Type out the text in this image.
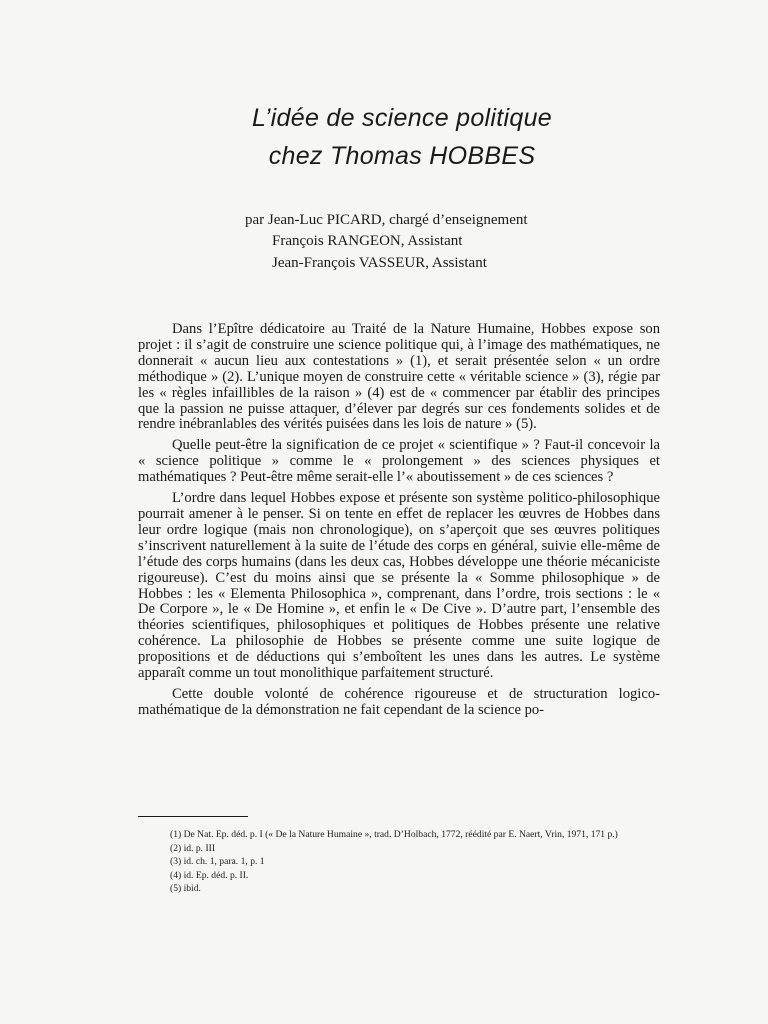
L’idée de science politique
chez Thomas HOBBES
par Jean-Luc PICARD, chargé d’enseignement
François RANGEON, Assistant
Jean-François VASSEUR, Assistant

Dans l’Epître dédicatoire au Traité de la Nature Humaine, Hobbes expose son projet : il s’agit de construire une science politique qui, à l’image des mathématiques, ne donnerait « aucun lieu aux contestations » (1), et serait présentée selon « un ordre méthodique » (2). L’unique moyen de construire cette « véritable science » (3), régie par les « règles infaillibles de la raison » (4) est de « commencer par établir des principes que la passion ne puisse attaquer, d’élever par degrés sur ces fondements solides et de rendre inébranlables des vérités puisées dans les lois de nature » (5).

Quelle peut-être la signification de ce projet « scientifique » ? Faut-il concevoir la « science politique » comme le « prolongement » des sciences physiques et mathématiques ? Peut-être même serait-elle l’« aboutissement » de ces sciences ?

L’ordre dans lequel Hobbes expose et présente son système politico-philosophique pourrait amener à le penser. Si on tente en effet de replacer les œuvres de Hobbes dans leur ordre logique (mais non chronologique), on s’aperçoit que ses œuvres politiques s’inscrivent naturellement à la suite de l’étude des corps en général, suivie elle-même de l’étude des corps humains (dans les deux cas, Hobbes développe une théorie mécaniciste rigoureuse). C’est du moins ainsi que se présente la « Somme philosophique » de Hobbes : les « Elementa Philosophica », comprenant, dans l’ordre, trois sections : le « De Corpore », le « De Homine », et enfin le « De Cive ». D’autre part, l’ensemble des théories scientifiques, philosophiques et politiques de Hobbes présente une relative cohérence. La philosophie de Hobbes se présente comme une suite logique de propositions et de déductions qui s’emboîtent les unes dans les autres. Le système apparaît comme un tout monolithique parfaitement structuré.

Cette double volonté de cohérence rigoureuse et de structuration logico-mathématique de la démonstration ne fait cependant de la science po-

(1) De Nat. Ep. déd. p. I (« De la Nature Humaine », trad. D’Holbach, 1772, réédité par E. Naert, Vrin, 1971, 171 p.)
(2) id. p. III
(3) id. ch. 1, para. 1, p. 1
(4) id. Ep. déd. p. II.
(5) ibid.
